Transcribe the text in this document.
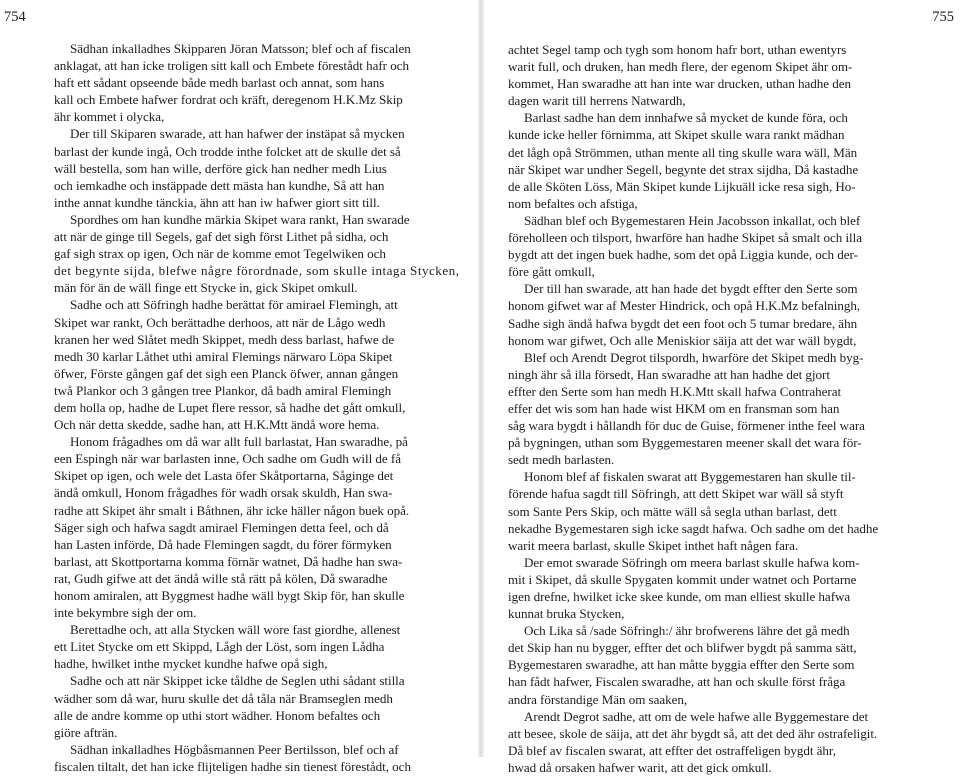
754
Sädhan inkalladhes Skipparen Jöran Matsson; blef och af fiscalen
anklagat, att han icke troligen sitt kall och Embete förestådt hafr och
haft ett sådant opseende både medh barlast och annat, som hans
kall och Embete hafwer fordrat och kräft, deregenom H.K.Mz Skip
ähr kommet i olycka,
Der till Skiparen swarade, att han hafwer der instäpat så mycken
barlast der kunde ingå, Och trodde inthe folcket att de skulle det så
wäll bestella, som han wille, derföre gick han nedher medh Lius
och iemkadhe och instäppade dett mästa han kundhe, Så att han
inthe annat kundhe tänckia, ähn att han iw hafwer giort sitt till.
Spordhes om han kundhe märkia Skipet wara rankt, Han swarade
att när de ginge till Segels, gaf det sigh först Lithet på sidha, och
gaf sigh strax op igen, Och när de komme emot Tegelwiken och
det begynte sijda, blefwe någre förordnade, som skulle intaga Stycken,
män för än de wäll finge ett Stycke in, gick Skipet omkull.
Sadhe och att Söfringh hadhe berättat för amirael Flemingh, att
Skipet war rankt, Och berättadhe derhoos, att när de Lågo wedh
kranen her wed Slåtet medh Skippet, medh dess barlast, hafwe de
medh 30 karlar Låthet uthi amiral Flemings närwaro Löpa Skipet
öfwer, Förste gången gaf det sigh een Planck öfwer, annan gången
twå Plankor och 3 gången tree Plankor, då badh amiral Flemingh
dem holla op, hadhe de Lupet flere ressor, så hadhe det gått omkull,
Och när detta skedde, sadhe han, att H.K.Mtt ändå wore hema.
Honom frågadhes om då war allt full barlastat, Han swaradhe, på
een Espingh när war barlasten inne, Och sadhe om Gudh will de få
Skipet op igen, och wele det Lasta öfer Skåtportarna, Såginge det
ändå omkull, Honom frågadhes för wadh orsak skuldh, Han swa-
radhe att Skipet ähr smalt i Båthnen, ähr icke häller någon buek opå.
Säger sigh och hafwa sagdt amirael Flemingen detta feel, och då
han Lasten införde, Då hade Flemingen sagdt, du förer förmyken
barlast, att Skottportarna komma förnär watnet, Då hadhe han swa-
rat, Gudh gifwe att det ändå wille stå rätt på kölen, Då swaradhe
honom amiralen, att Byggmest hadhe wäll bygt Skip för, han skulle
inte bekymbre sigh der om.
Berettadhe och, att alla Stycken wäll wore fast giordhe, allenest
ett Litet Stycke om ett Skippd, Lågh der Löst, som ingen Lådha
hadhe, hwilket inthe mycket kundhe hafwe opå sigh,
Sadhe och att när Skippet icke tåldhe de Seglen uthi sådant stilla
wädher som då war, huru skulle det då tåla när Bramseglen medh
alle de andre komme op uthi stort wädher. Honom befaltes och
giöre afträn.
Sädhan inkalladhes Högbåsmannen Peer Bertilsson, blef och af
fiscalen tiltalt, det han icke flijteligen hadhe sin tienest förestådt, och
755
achtet Segel tamp och tygh som honom hafr bort, uthan ewentyrs
warit full, och druken, han medh flere, der egenom Skipet ähr om-
kommet, Han swaradhe att han inte war drucken, uthan hadhe den
dagen warit till herrens Natwardh,
Barlast sadhe han dem innhafwe så mycket de kunde föra, och
kunde icke heller förnimma, att Skipet skulle wara rankt mädhan
det lågh opå Strömmen, uthan mente all ting skulle wara wäll, Män
när Skipet war undher Segell, begynte det strax sijdha, Då kastadhe
de alle Sköten Löss, Män Skipet kunde Lijkuäll icke resa sigh, Ho-
nom befaltes och afstiga,
Sädhan blef och Bygemestaren Hein Jacobsson inkallat, och blef
föreholleen och tilsport, hwarföre han hadhe Skipet så smalt och illa
bygdt att det ingen buek hadhe, som det opå Liggia kunde, och der-
före gått omkull,
Der till han swarade, att han hade det bygdt effter den Serte som
honom gifwet war af Mester Hindrick, och opå H.K.Mz befalningh,
Sadhe sigh ändå hafwa bygdt det een foot och 5 tumar bredare, ähn
honom war gifwet, Och alle Meniskior säija att det war wäll bygdt,
Blef och Arendt Degrot tilspordh, hwarföre det Skipet medh byg-
ningh ähr så illa försedt, Han swaradhe att han hadhe det gjort
effter den Serte som han medh H.K.Mtt skall hafwa Contraherat
effer det wis som han hade wist HKM om en fransman som han
såg wara bygdt i hållandh för duc de Guise, förmener inthe feel wara
på bygningen, uthan som Byggemestaren meener skall det wara för-
sedt medh barlasten.
Honom blef af fiskalen swarat att Byggemestaren han skulle til-
förende hafua sagdt till Söfringh, att dett Skipet war wäll så styft
som Sante Pers Skip, och mätte wäll så segla uthan barlast, dett
nekadhe Bygemestaren sigh icke sagdt hafwa. Och sadhe om det hadhe
warit meera barlast, skulle Skipet inthet haft någen fara.
Der emot swarade Söfringh om meera barlast skulle hafwa kom-
mit i Skipet, då skulle Spygaten kommit under watnet och Portarne
igen drefne, hwilket icke skee kunde, om man elliest skulle hafwa
kunnat bruka Stycken,
Och Lika så /sade Söfringh:/ ähr brofwerens lähre det gå medh
det Skip han nu bygger, effter det och blifwer bygdt på samma sätt,
Bygemestaren swaradhe, att han måtte byggia effter den Serte som
han fådt hafwer, Fiscalen swaradhe, att han och skulle först fråga
andra förstandige Män om saaken,
Arendt Degrot sadhe, att om de wele hafwe alle Byggemestare det
att besee, skole de säija, att det ähr bygdt så, att det ded ähr ostrafeligit.
Då blef av fiscalen swarat, att effter det ostraffeligen bygdt ähr,
hwad då orsaken hafwer warit, att det gick omkull.
